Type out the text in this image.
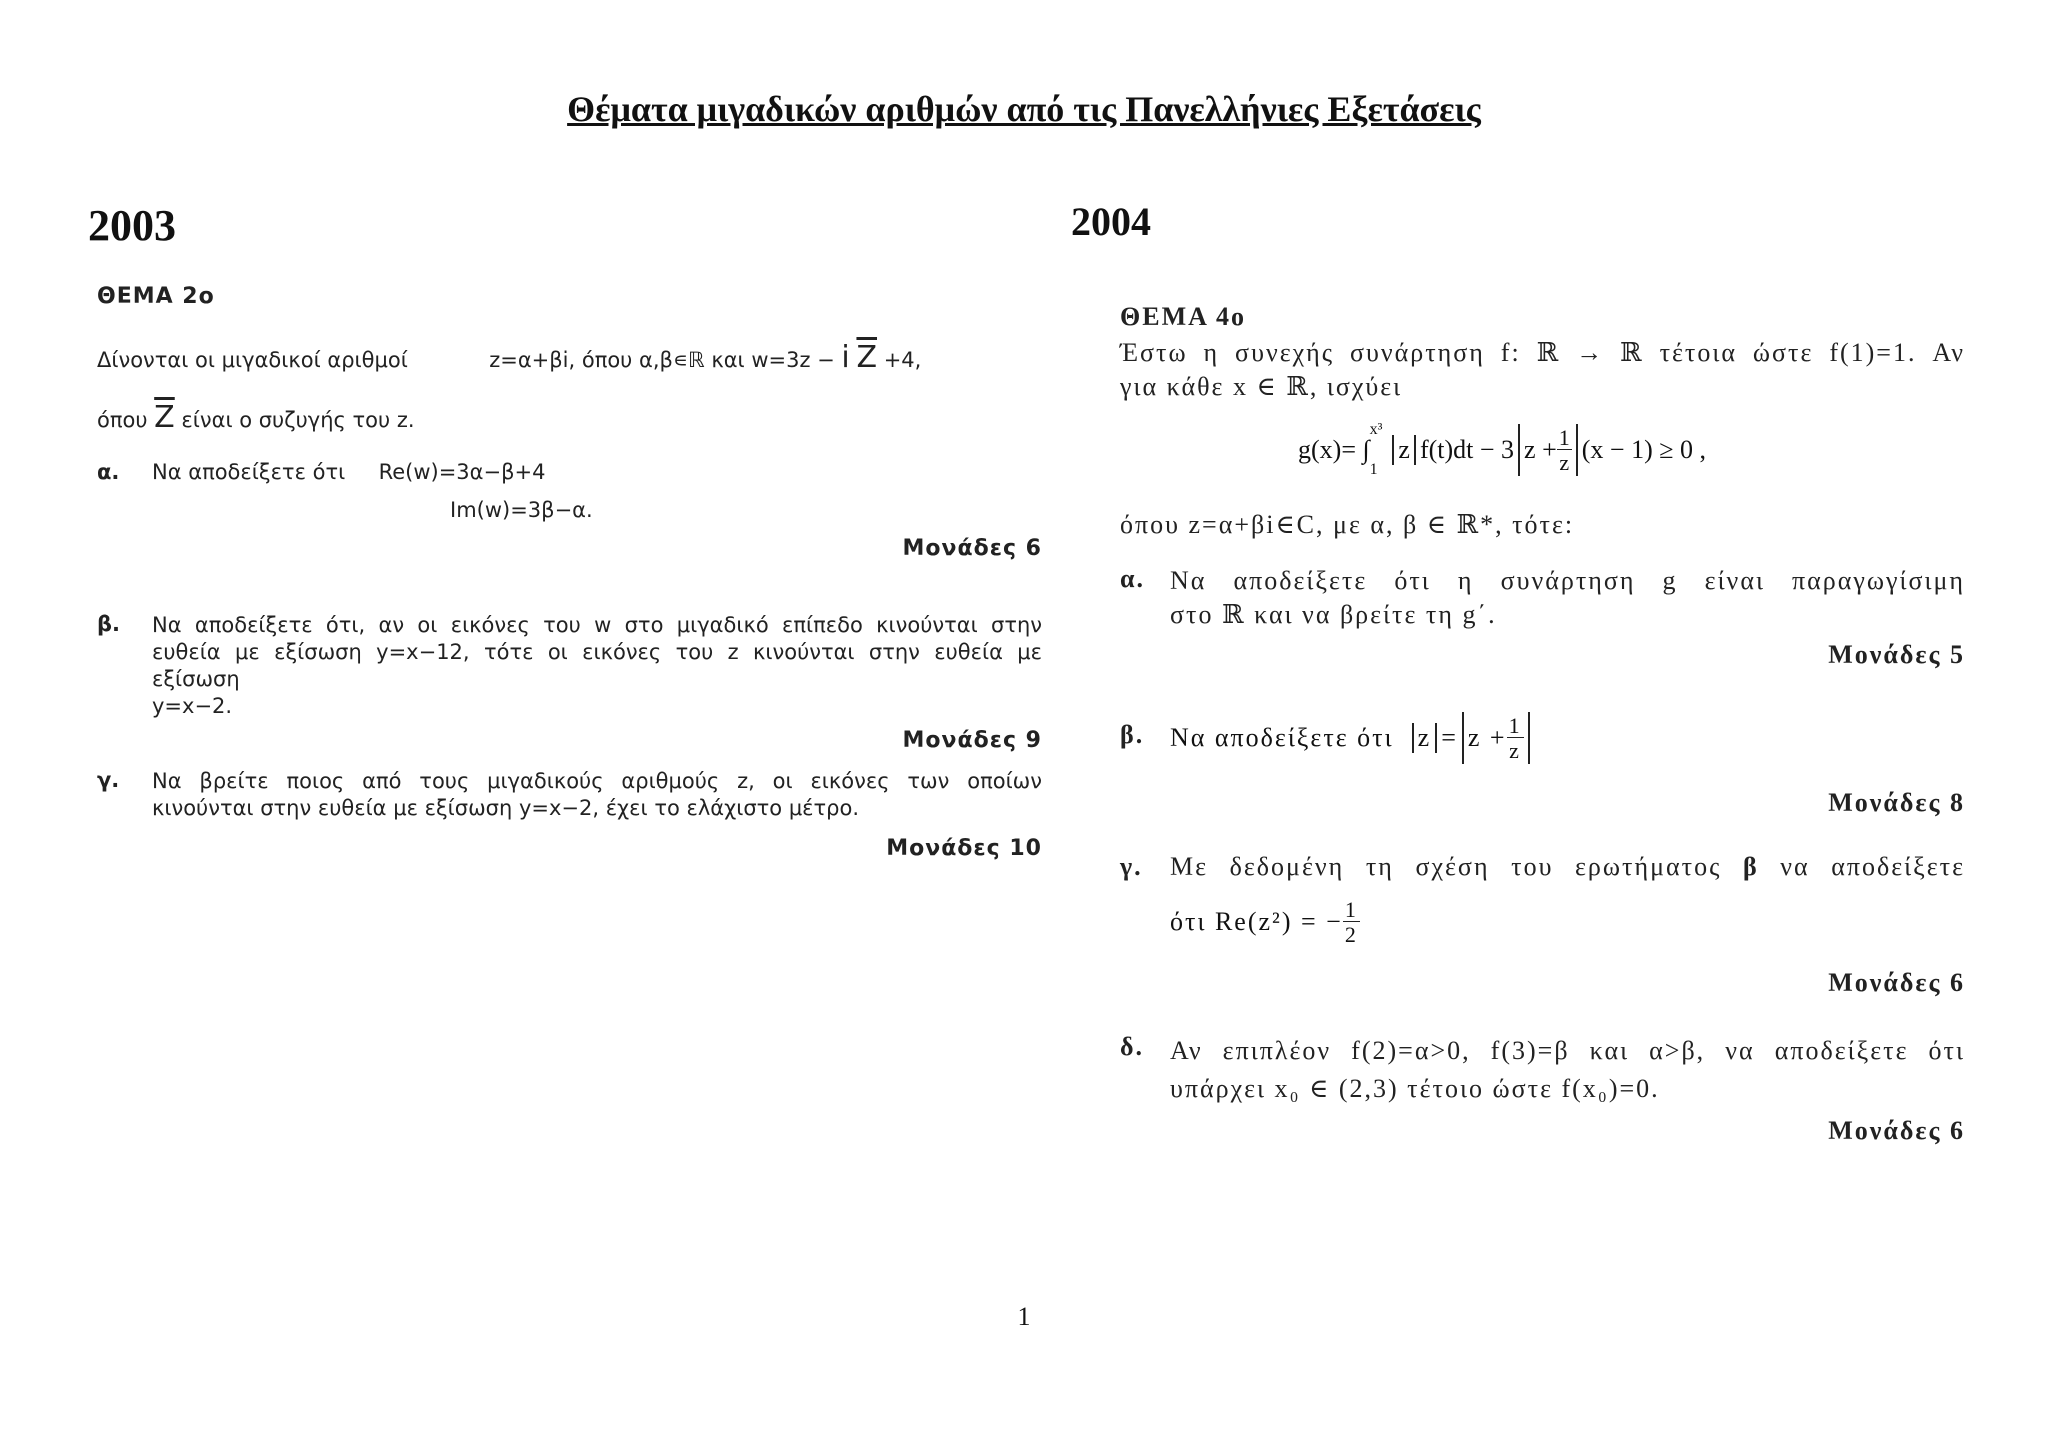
Θέματα μιγαδικών αριθμών από τις Πανελλήνιες Εξετάσεις
2003
ΘΕΜΑ 2ο
Δίνονται οι μιγαδικοί αριθμοί	z=α+βi, όπου α,β∊ℝ και w=3z − i $\overline{Z} +4$,
όπου $\overline{Z}$ είναι ο συζυγής του z.
α. Να αποδείξετε ότι Re(w)=3α−β+4
Im(w)=3β−α.
Μονάδες 6
β. Να αποδείξετε ότι, αν οι εικόνες του w στο μιγαδικό επίπεδο κινούνται στην
ευθεία με εξίσωση y=x−12, τότε οι εικόνες του z κινούνται στην ευθεία με
εξίσωση
y=x−2.
Μονάδες 9
γ. Να βρείτε ποιος από τους μιγαδικούς αριθμούς z, οι εικόνες των οποίων
κινούνται στην ευθεία με εξίσωση y=x−2, έχει το ελάχιστο μέτρο.
Μονάδες 10
2004
ΘΕΜΑ 4ο
Έστω η συνεχής συνάρτηση f: ℝ → ℝ τέτοια ώστε f(1)=1. Αν
για κάθε x ∈ ℝ, ισχύει
g(x)= ∫
x³
1
z f(t)dt − 3 $z + \frac{1}{z} (x - 1) \ge 0$ ,
όπου z=α+βi∈C, με α, β ∈ ℝ*, τότε:
α. Να αποδείξετε ότι η συνάρτηση g είναι παραγωγίσιμη
στο ℝ και να βρείτε τη g΄.
Μονάδες 5
β. Να αποδείξετε ότι $z = z + \frac{1}{z}$
Μονάδες 8
γ. Με δεδομένη τη σχέση του ερωτήματος β να αποδείξετε
ότι Re(z²) = − $\frac{1}{2}$
Μονάδες 6
δ. Αν επιπλέον f(2)=α>0, f(3)=β και α>β, να αποδείξετε ότι
υπάρχει x₀ ∈ (2,3) τέτοιο ώστε f(x₀)=0.
Μονάδες 6
1
